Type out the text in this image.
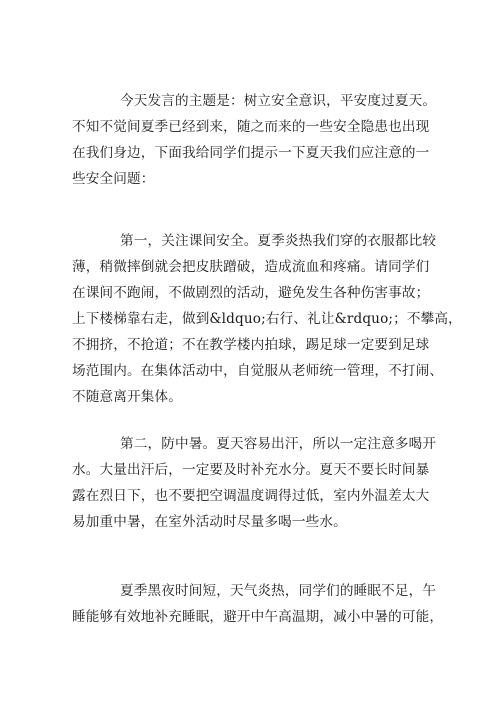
今天发言的主题是：树立安全意识，平安度过夏天。
不知不觉间夏季已经到来，随之而来的一些安全隐患也出现
在我们身边，下面我给同学们提示一下夏天我们应注意的一
些安全问题：
第一，关注课间安全。夏季炎热我们穿的衣服都比较
薄，稍微摔倒就会把皮肤蹭破，造成流血和疼痛。请同学们
在课间不跑闹，不做剧烈的活动，避免发生各种伤害事故；
上下楼梯靠右走，做到&ldquo;右行、礼让&rdquo;；不攀高，
不拥挤，不抢道；不在教学楼内拍球，踢足球一定要到足球
场范围内。在集体活动中，自觉服从老师统一管理，不打闹、
不随意离开集体。
第二，防中暑。夏天容易出汗，所以一定注意多喝开
水。大量出汗后，一定要及时补充水分。夏天不要长时间暴
露在烈日下，也不要把空调温度调得过低，室内外温差太大
易加重中暑，在室外活动时尽量多喝一些水。
夏季黑夜时间短，天气炎热，同学们的睡眠不足，午
睡能够有效地补充睡眠，避开中午高温期，减小中暑的可能，
